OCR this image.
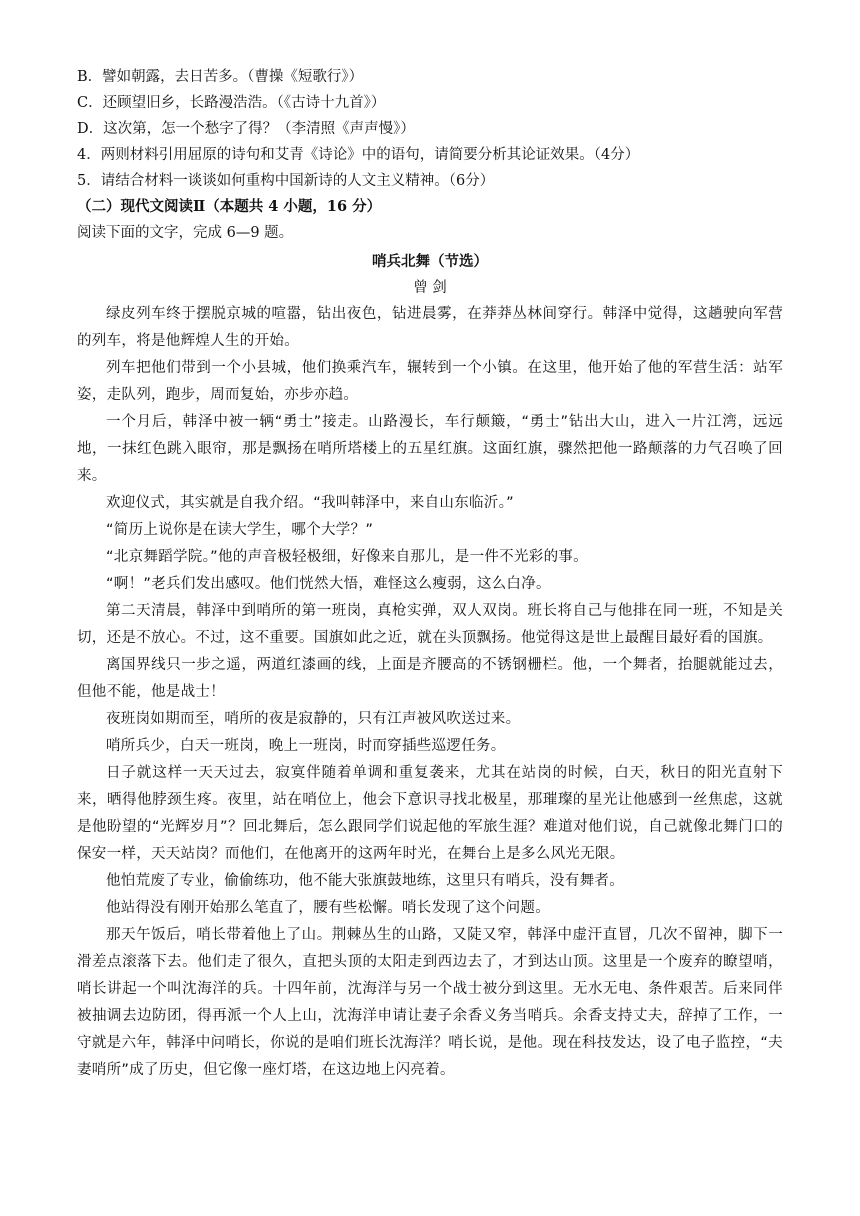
B．譬如朝露，去日苦多。（曹操《短歌行》）
C．还顾望旧乡，长路漫浩浩。（《古诗十九首》）
D．这次第，怎一个愁字了得？（李清照《声声慢》）
4．两则材料引用屈原的诗句和艾青《诗论》中的语句，请简要分析其论证效果。（4分）
5．请结合材料一谈谈如何重构中国新诗的人文主义精神。（6分）
（二）现代文阅读Ⅱ（本题共 4 小题，16 分）
阅读下面的文字，完成 6—9 题。
哨兵北舞（节选）
曾 剑

绿皮列车终于摆脱京城的喧嚣，钻出夜色，钻进晨雾，在莽莽丛林间穿行。韩泽中觉得，这趟驶向军营的列车，将是他辉煌人生的开始。

列车把他们带到一个小县城，他们换乘汽车，辗转到一个小镇。在这里，他开始了他的军营生活：站军姿，走队列，跑步，周而复始，亦步亦趋。

一个月后，韩泽中被一辆“勇士”接走。山路漫长，车行颠簸，“勇士”钻出大山，进入一片江湾，远远地，一抹红色跳入眼帘，那是飘扬在哨所塔楼上的五星红旗。这面红旗，骤然把他一路颠落的力气召唤了回来。

欢迎仪式，其实就是自我介绍。“我叫韩泽中，来自山东临沂。”

“简历上说你是在读大学生，哪个大学？”

“北京舞蹈学院。”他的声音极轻极细，好像来自那儿，是一件不光彩的事。

“啊！”老兵们发出感叹。他们恍然大悟，难怪这么瘦弱，这么白净。

第二天清晨，韩泽中到哨所的第一班岗，真枪实弹，双人双岗。班长将自己与他排在同一班，不知是关切，还是不放心。不过，这不重要。国旗如此之近，就在头顶飘扬。他觉得这是世上最醒目最好看的国旗。

离国界线只一步之遥，两道红漆画的线，上面是齐腰高的不锈钢栅栏。他，一个舞者，抬腿就能过去，但他不能，他是战士！

夜班岗如期而至，哨所的夜是寂静的，只有江声被风吹送过来。

哨所兵少，白天一班岗，晚上一班岗，时而穿插些巡逻任务。

日子就这样一天天过去，寂寞伴随着单调和重复袭来，尤其在站岗的时候，白天，秋日的阳光直射下来，晒得他脖颈生疼。夜里，站在哨位上，他会下意识寻找北极星，那璀璨的星光让他感到一丝焦虑，这就是他盼望的“光辉岁月”？回北舞后，怎么跟同学们说起他的军旅生涯？难道对他们说，自己就像北舞门口的保安一样，天天站岗？而他们，在他离开的这两年时光，在舞台上是多么风光无限。

他怕荒废了专业，偷偷练功，他不能大张旗鼓地练，这里只有哨兵，没有舞者。

他站得没有刚开始那么笔直了，腰有些松懈。哨长发现了这个问题。

那天午饭后，哨长带着他上了山。荆棘丛生的山路，又陡又窄，韩泽中虚汗直冒，几次不留神，脚下一滑差点滚落下去。他们走了很久，直把头顶的太阳走到西边去了，才到达山顶。这里是一个废弃的瞭望哨，哨长讲起一个叫沈海洋的兵。十四年前，沈海洋与另一个战士被分到这里。无水无电、条件艰苦。后来同伴被抽调去边防团，得再派一个人上山，沈海洋申请让妻子余香义务当哨兵。余香支持丈夫，辞掉了工作，一守就是六年，韩泽中问哨长，你说的是咱们班长沈海洋？哨长说，是他。现在科技发达，设了电子监控，“夫妻哨所”成了历史，但它像一座灯塔，在这边地上闪亮着。
